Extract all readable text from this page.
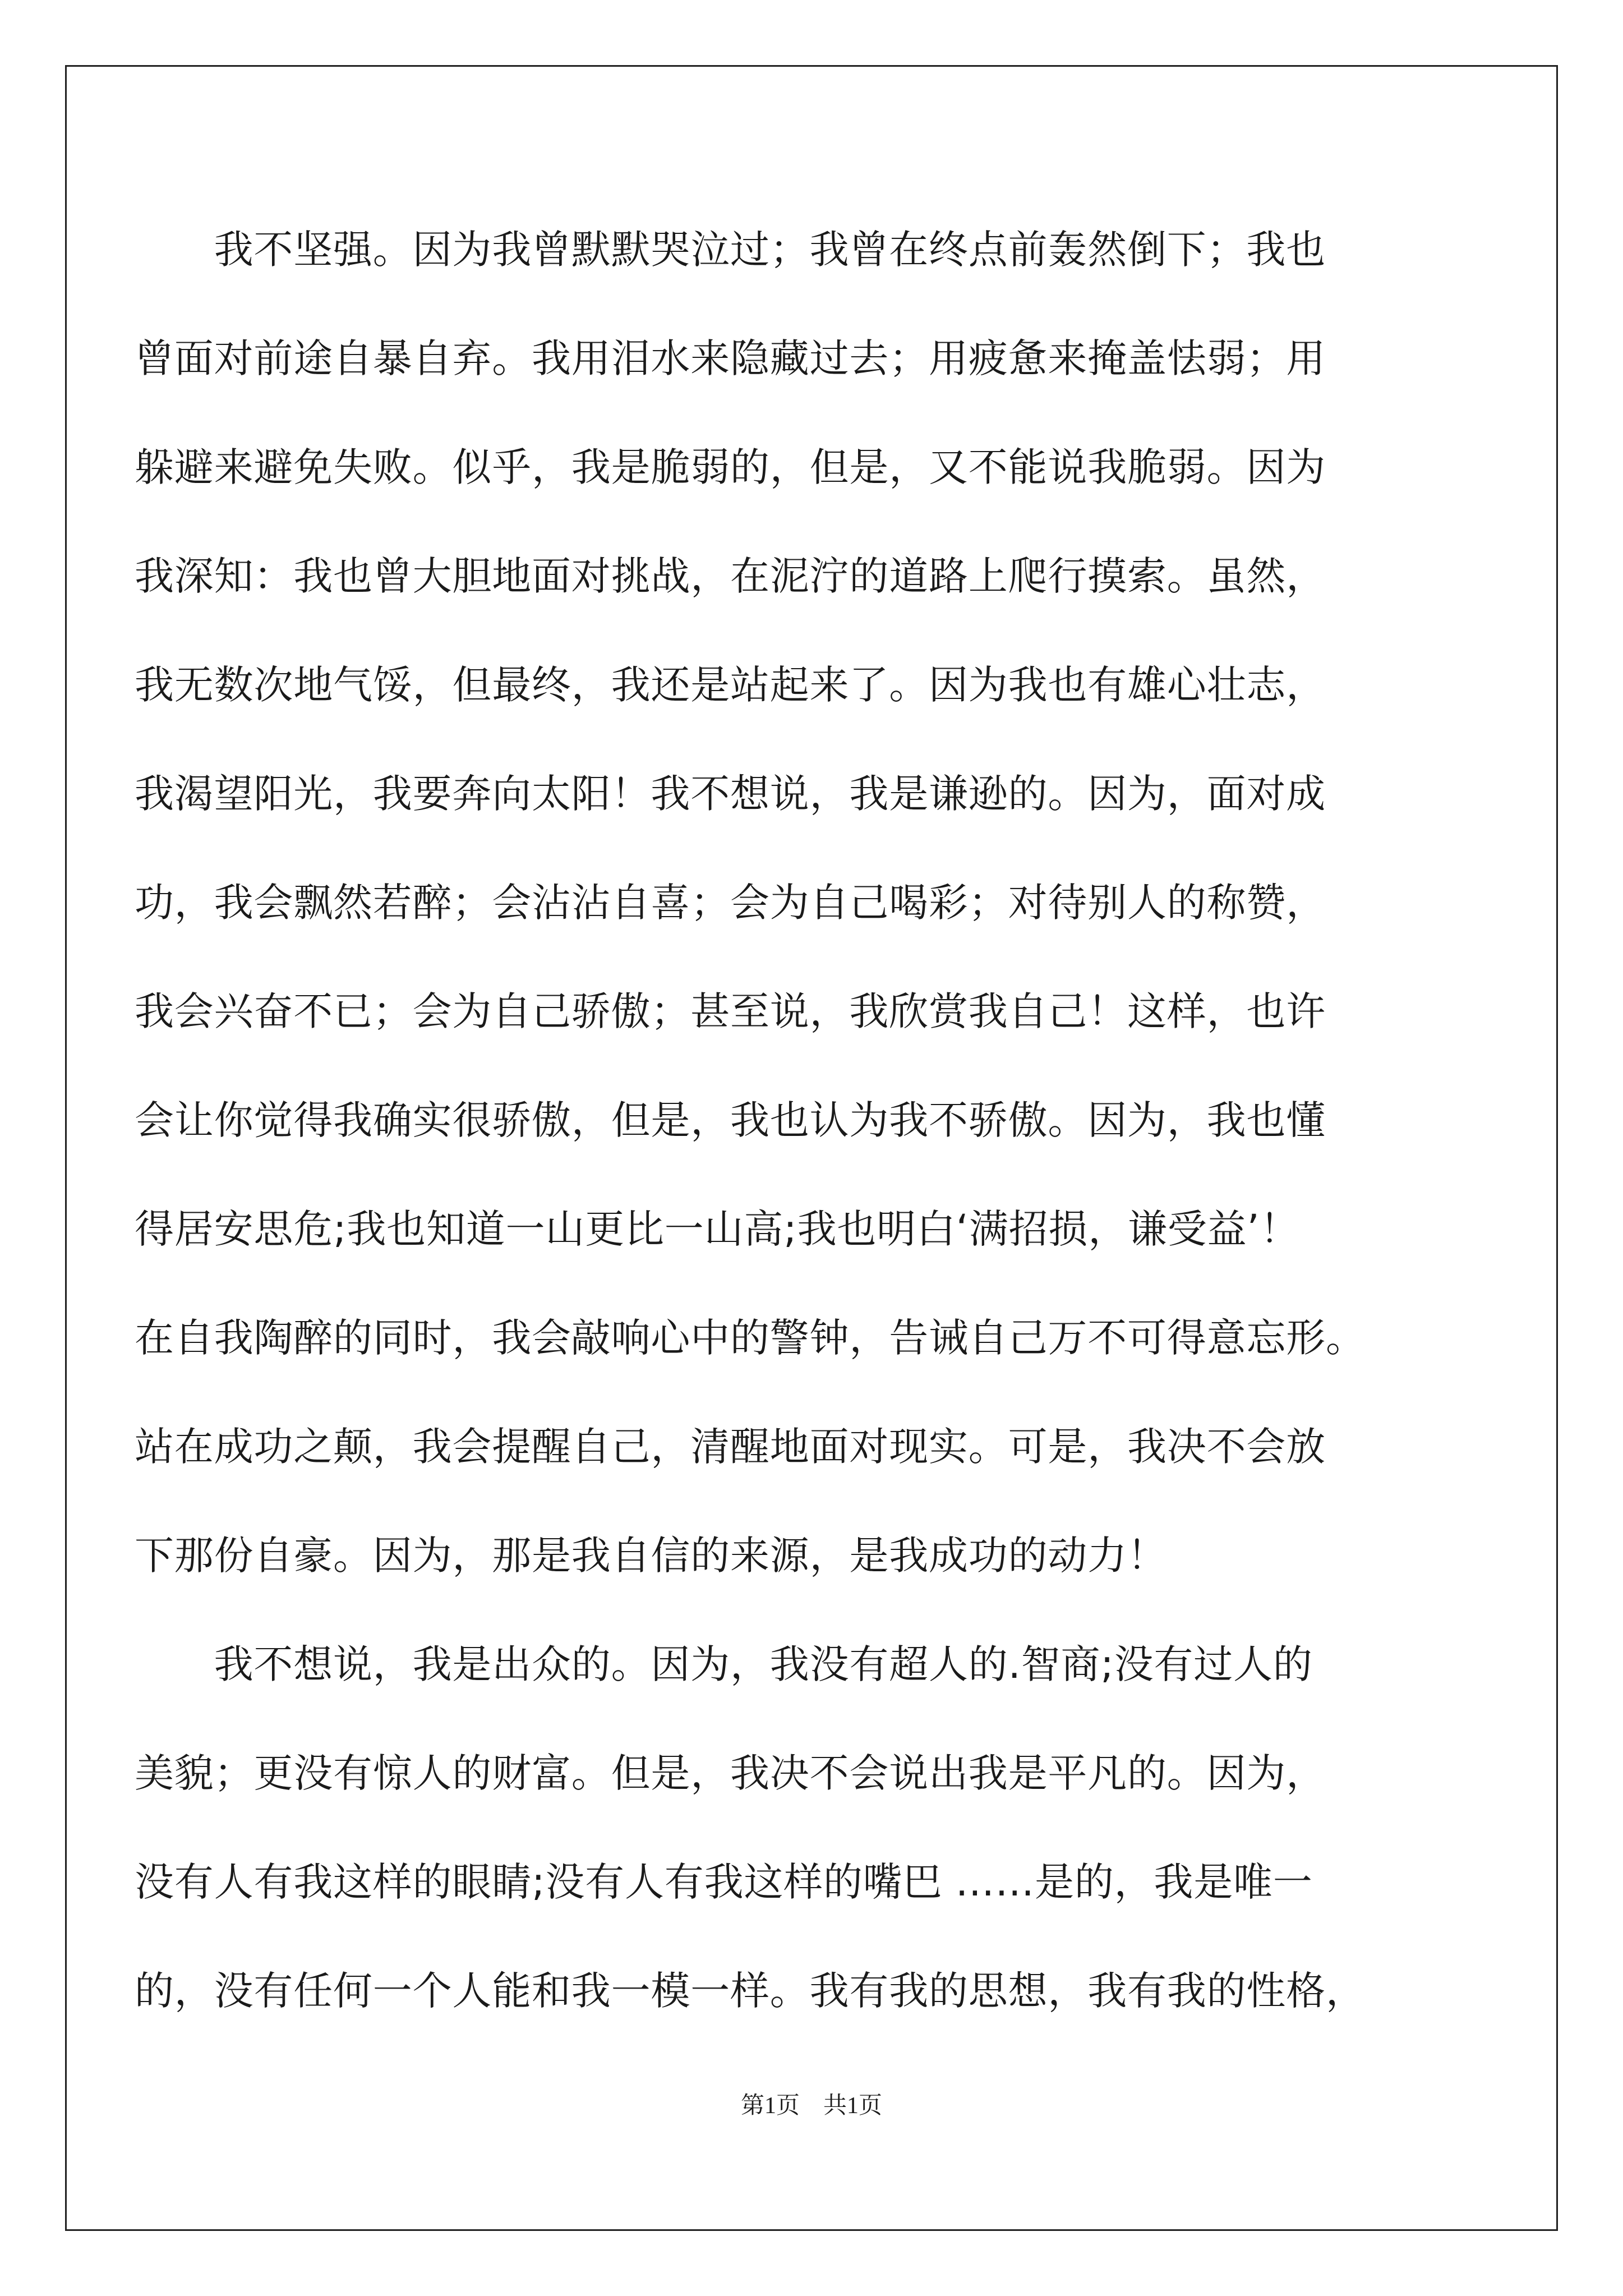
　　我不坚强。因为我曾默默哭泣过；我曾在终点前轰然倒下；我也
曾面对前途自暴自弃。我用泪水来隐藏过去；用疲惫来掩盖怯弱；用
躲避来避免失败。似乎，我是脆弱的，但是，又不能说我脆弱。因为
我深知：我也曾大胆地面对挑战，在泥泞的道路上爬行摸索。虽然，
我无数次地气馁，但最终，我还是站起来了。因为我也有雄心壮志，
我渴望阳光，我要奔向太阳！我不想说，我是谦逊的。因为，面对成
功，我会飘然若醉；会沾沾自喜；会为自己喝彩；对待别人的称赞，
我会兴奋不已；会为自己骄傲；甚至说，我欣赏我自己！这样，也许
会让你觉得我确实很骄傲，但是，我也认为我不骄傲。因为，我也懂
得居安思危;我也知道一山更比一山高;我也明白‘满招损，谦受益’！
在自我陶醉的同时，我会敲响心中的警钟，告诫自己万不可得意忘形。
站在成功之颠，我会提醒自己，清醒地面对现实。可是，我决不会放
下那份自豪。因为，那是我自信的来源，是我成功的动力！
　　我不想说，我是出众的。因为，我没有超人的.智商;没有过人的
美貌；更没有惊人的财富。但是，我决不会说出我是平凡的。因为，
没有人有我这样的眼睛;没有人有我这样的嘴巴 ……是的，我是唯一
的，没有任何一个人能和我一模一样。我有我的思想，我有我的性格，
第1页　共1页
